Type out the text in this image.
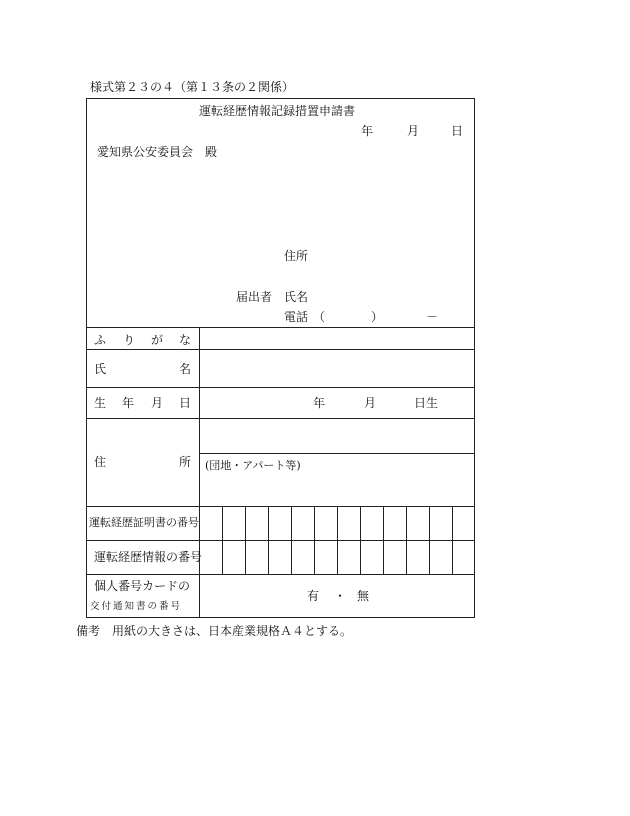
様式第２３の４（第１３条の２関係）
運転経歴情報記録措置申請書
年	月	日
愛知県公安委員会　殿
住所
届出者 氏名
電話 （	）	－
ふ り が な
氏	名
生 年 月 日	年	月	日生
住	所 (団地・アパート等)
運転経歴証明書の番号
運転経歴情報の番号
個人番号カードの
交付通知書の番号
有 ・ 無
備考　用紙の大きさは、日本産業規格Ａ４とする。
